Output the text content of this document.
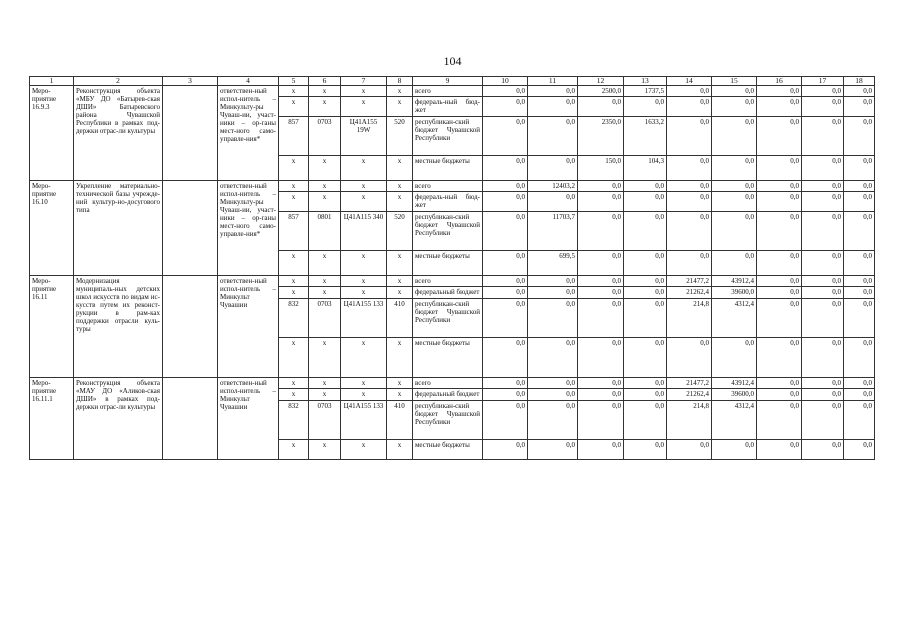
104
1	2	3	4	5	6	7	8	9	10	11	12	13	14	15	16	17	18
Меро-
приятие
16.9.3	Реконструкция объекта «МБУ ДО «Батырев-ская ДШИ» Батыревского района Чувашской Республики в рамках под-держки отрас-ли культуры		ответствен-ный испол-нитель – Минкульту-ры Чуваш-ии, участ-ники – ор-ганы мест-ного само-управле-ния*	x	x	x	x	всего	0,0	0,0	2500,0	1737,5	0,0	0,0	0,0	0,0	0,0
				x	x	x	x	федераль-ный бюд-жет	0,0	0,0	0,0	0,0	0,0	0,0	0,0	0,0	0,0
				857	0703	Ц41А155 19W	520	республикан-ский бюджет Чувашской Республики	0,0	0,0	2350,0	1633,2	0,0	0,0	0,0	0,0	0,0
				x	x	x	x	местные бюджеты	0,0	0,0	150,0	104,3	0,0	0,0	0,0	0,0	0,0
Меро-
приятие
16.10	Укрепление материально-технической базы учрежде-ний культур-но-досугового типа		ответствен-ный испол-нитель – Минкульту-ры Чуваш-ии, участ-ники – ор-ганы мест-ного само-управле-ния*	x	x	x	x	всего	0,0	12403,2	0,0	0,0	0,0	0,0	0,0	0,0	0,0
				x	x	x	x	федераль-ный бюд-жет	0,0	0,0	0,0	0,0	0,0	0,0	0,0	0,0	0,0
				857	0801	Ц41А115 340	520	республикан-ский бюджет Чувашской Республики	0,0	11703,7	0,0	0,0	0,0	0,0	0,0	0,0	0,0
				x	x	x	x	местные бюджеты	0,0	699,5	0,0	0,0	0,0	0,0	0,0	0,0	0,0
Меро-
приятие
16.11	Модернизация муниципаль-ных детских школ искусств по видам ис-кусств путем их реконст-рукции в рам-ках поддержки отрасли куль-туры		ответствен-ный испол-нитель – Минкульт Чувашии	x	x	x	x	всего	0,0	0,0	0,0	0,0	21477,2	43912,4	0,0	0,0	0,0
				x	x	x	x	федеральный бюджет	0,0	0,0	0,0	0,0	21262,4	39600,0	0,0	0,0	0,0
				832	0703	Ц41А155 133	410	республикан-ский бюджет Чувашской Республики	0,0	0,0	0,0	0,0	214,8	4312,4	0,0	0,0	0,0
				x	x	x	x	местные бюджеты	0,0	0,0	0,0	0,0	0,0	0,0	0,0	0,0	0,0
Меро-
приятие
16.11.1	Реконструкция объекта «МАУ ДО «Аликов-ская ДШИ» в рамках под-держки отрас-ли культуры		ответствен-ный испол-нитель – Минкульт Чувашии	x	x	x	x	всего	0,0	0,0	0,0	0,0	21477,2	43912,4	0,0	0,0	0,0
				x	x	x	x	федеральный бюджет	0,0	0,0	0,0	0,0	21262,4	39600,0	0,0	0,0	0,0
				832	0703	Ц41А155 133	410	республикан-ский бюджет Чувашской Республики	0,0	0,0	0,0	0,0	214,8	4312,4	0,0	0,0	0,0
				x	x	x	x	местные бюджеты	0,0	0,0	0,0	0,0	0,0	0,0	0,0	0,0	0,0
